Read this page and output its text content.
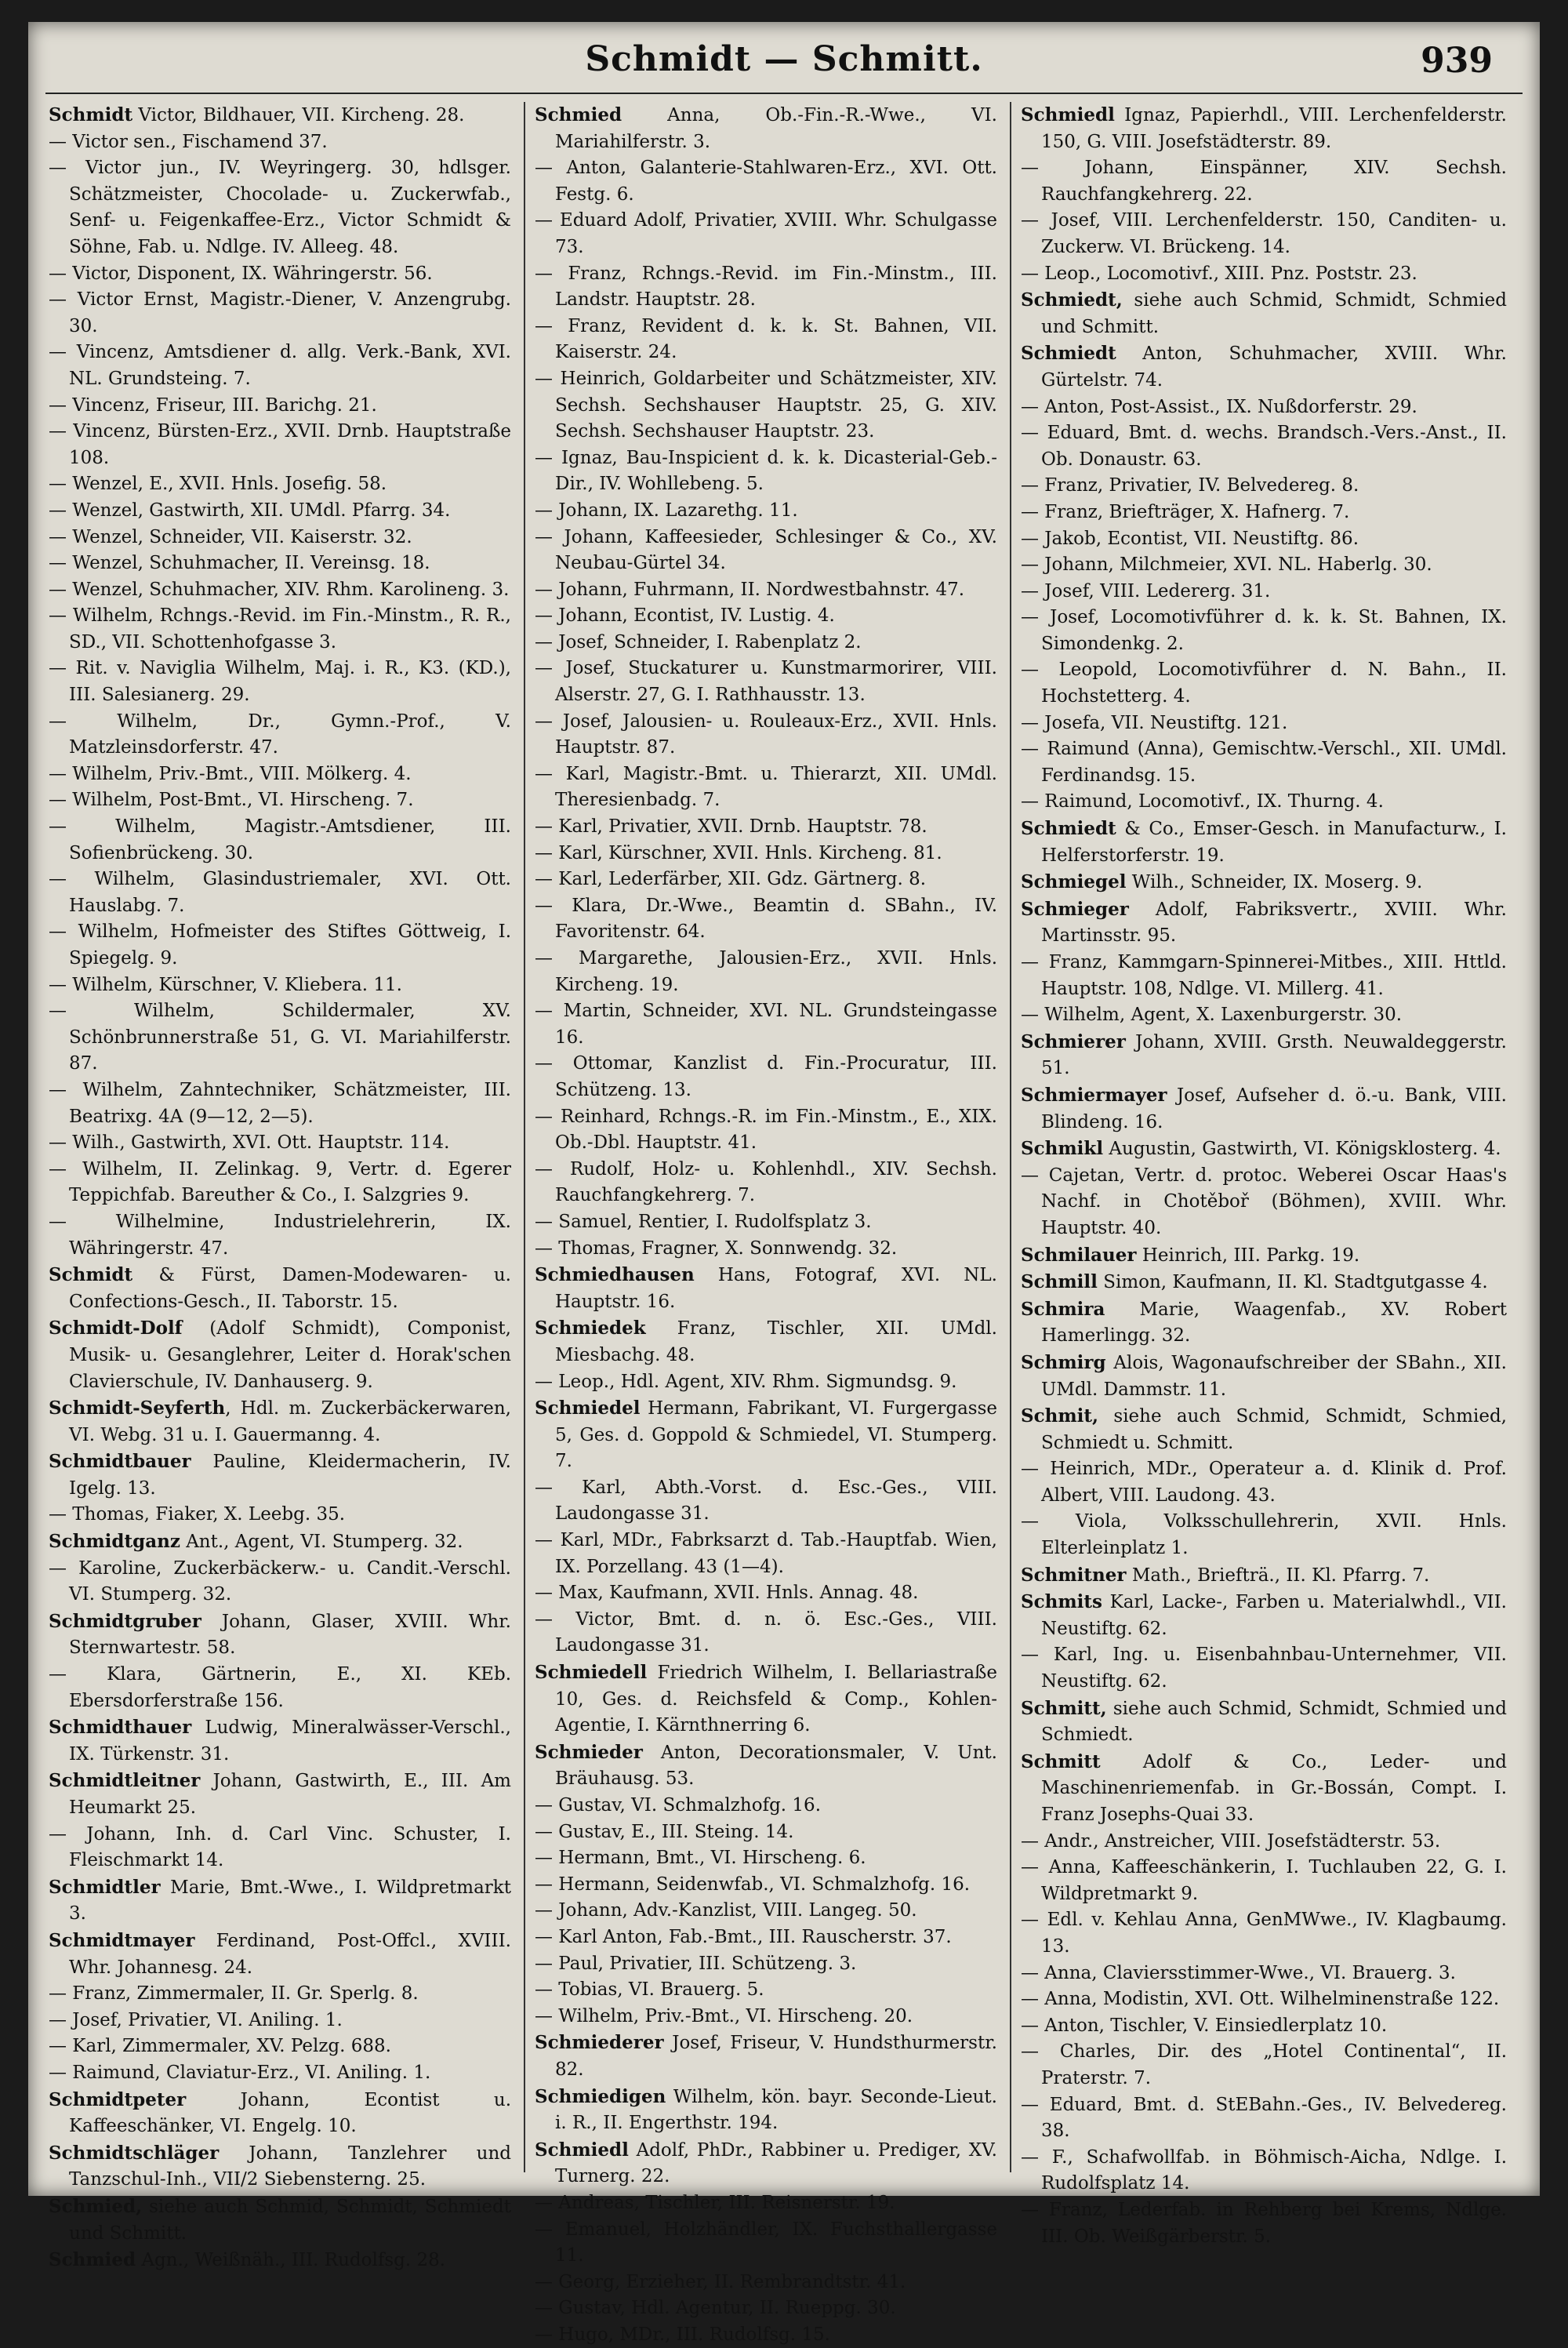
Schmidt — Schmitt.	939

Schmidt Victor, Bildhauer, VII. Kircheng. 28.

— Victor sen., Fischamend 37.

— Victor jun., IV. Weyringerg. 30, hdlsger. Schätzmeister, Chocolade- u. Zuckerwfab., Senf- u. Feigenkaffee-Erz., Victor Schmidt & Söhne, Fab. u. Ndlge. IV. Alleeg. 48.

— Victor, Disponent, IX. Währingerstr. 56.

— Victor Ernst, Magistr.-Diener, V. Anzengrubg. 30.

— Vincenz, Amtsdiener d. allg. Verk.-Bank, XVI. NL. Grundsteing. 7.

— Vincenz, Friseur, III. Barichg. 21.

— Vincenz, Bürsten-Erz., XVII. Drnb. Hauptstraße 108.

— Wenzel, E., XVII. Hnls. Josefig. 58.

— Wenzel, Gastwirth, XII. UMdl. Pfarrg. 34.

— Wenzel, Schneider, VII. Kaiserstr. 32.

— Wenzel, Schuhmacher, II. Vereinsg. 18.

— Wenzel, Schuhmacher, XIV. Rhm. Karolineng. 3.

— Wilhelm, Rchngs.-Revid. im Fin.-Minstm., R. R., SD., VII. Schottenhofgasse 3.

— Rit. v. Naviglia Wilhelm, Maj. i. R., K3. (KD.), III. Salesianerg. 29.

— Wilhelm, Dr., Gymn.-Prof., V. Matzleinsdorferstr. 47.

— Wilhelm, Priv.-Bmt., VIII. Mölkerg. 4.

— Wilhelm, Post-Bmt., VI. Hirscheng. 7.

— Wilhelm, Magistr.-Amtsdiener, III. Sofienbrückeng. 30.

— Wilhelm, Glasindustriemaler, XVI. Ott. Hauslabg. 7.

— Wilhelm, Hofmeister des Stiftes Göttweig, I. Spiegelg. 9.

— Wilhelm, Kürschner, V. Kliebera. 11.

— Wilhelm, Schildermaler, XV. Schönbrunnerstraße 51, G. VI. Mariahilferstr. 87.

— Wilhelm, Zahntechniker, Schätzmeister, III. Beatrixg. 4A (9—12, 2—5).

— Wilh., Gastwirth, XVI. Ott. Hauptstr. 114.

— Wilhelm, II. Zelinkag. 9, Vertr. d. Egerer Teppichfab. Bareuther & Co., I. Salzgries 9.

— Wilhelmine, Industrielehrerin, IX. Währingerstr. 47.

Schmidt & Fürst, Damen-Modewaren- u. Confections-Gesch., II. Taborstr. 15.

Schmidt-Dolf (Adolf Schmidt), Componist, Musik- u. Gesanglehrer, Leiter d. Horak'schen Clavierschule, IV. Danhauserg. 9.

Schmidt-Seyferth, Hdl. m. Zuckerbäckerwaren, VI. Webg. 31 u. I. Gauermanng. 4.

Schmidtbauer Pauline, Kleidermacherin, IV. Igelg. 13.

— Thomas, Fiaker, X. Leebg. 35.

Schmidtganz Ant., Agent, VI. Stumperg. 32.

— Karoline, Zuckerbäckerw.- u. Candit.-Verschl. VI. Stumperg. 32.

Schmidtgruber Johann, Glaser, XVIII. Whr. Sternwartestr. 58.

— Klara, Gärtnerin, E., XI. KEb. Ebersdorferstraße 156.

Schmidthauer Ludwig, Mineralwässer-Verschl., IX. Türkenstr. 31.

Schmidtleitner Johann, Gastwirth, E., III. Am Heumarkt 25.

— Johann, Inh. d. Carl Vinc. Schuster, I. Fleischmarkt 14.

Schmidtler Marie, Bmt.-Wwe., I. Wildpretmarkt 3.

Schmidtmayer Ferdinand, Post-Offcl., XVIII. Whr. Johannesg. 24.

— Franz, Zimmermaler, II. Gr. Sperlg. 8.

— Josef, Privatier, VI. Aniling. 1.

— Karl, Zimmermaler, XV. Pelzg. 688.

— Raimund, Claviatur-Erz., VI. Aniling. 1.

Schmidtpeter Johann, Econtist u. Kaffeeschänker, VI. Engelg. 10.

Schmidtschläger Johann, Tanzlehrer und Tanzschul-Inh., VII/2 Siebensterng. 25.

Schmied, siehe auch Schmid, Schmidt, Schmiedt und Schmitt.

Schmied Agn., Weißnäh., III. Rudolfsg. 28.

Schmied Anna, Ob.-Fin.-R.-Wwe., VI. Mariahilferstr. 3.

— Anton, Galanterie-Stahlwaren-Erz., XVI. Ott. Festg. 6.

— Eduard Adolf, Privatier, XVIII. Whr. Schulgasse 73.

— Franz, Rchngs.-Revid. im Fin.-Minstm., III. Landstr. Hauptstr. 28.

— Franz, Revident d. k. k. St. Bahnen, VII. Kaiserstr. 24.

— Heinrich, Goldarbeiter und Schätzmeister, XIV. Sechsh. Sechshauser Hauptstr. 25, G. XIV. Sechsh. Sechshauser Hauptstr. 23.

— Ignaz, Bau-Inspicient d. k. k. Dicasterial-Geb.-Dir., IV. Wohllebeng. 5.

— Johann, IX. Lazarethg. 11.

— Johann, Kaffeesieder, Schlesinger & Co., XV. Neubau-Gürtel 34.

— Johann, Fuhrmann, II. Nordwestbahnstr. 47.

— Johann, Econtist, IV. Lustig. 4.

— Josef, Schneider, I. Rabenplatz 2.

— Josef, Stuckaturer u. Kunstmarmorirer, VIII. Alserstr. 27, G. I. Rathhausstr. 13.

— Josef, Jalousien- u. Rouleaux-Erz., XVII. Hnls. Hauptstr. 87.

— Karl, Magistr.-Bmt. u. Thierarzt, XII. UMdl. Theresienbadg. 7.

— Karl, Privatier, XVII. Drnb. Hauptstr. 78.

— Karl, Kürschner, XVII. Hnls. Kircheng. 81.

— Karl, Lederfärber, XII. Gdz. Gärtnerg. 8.

— Klara, Dr.-Wwe., Beamtin d. SBahn., IV. Favoritenstr. 64.

— Margarethe, Jalousien-Erz., XVII. Hnls. Kircheng. 19.

— Martin, Schneider, XVI. NL. Grundsteingasse 16.

— Ottomar, Kanzlist d. Fin.-Procuratur, III. Schützeng. 13.

— Reinhard, Rchngs.-R. im Fin.-Minstm., E., XIX. Ob.-Dbl. Hauptstr. 41.

— Rudolf, Holz- u. Kohlenhdl., XIV. Sechsh. Rauchfangkehrerg. 7.

— Samuel, Rentier, I. Rudolfsplatz 3.

— Thomas, Fragner, X. Sonnwendg. 32.

Schmiedhausen Hans, Fotograf, XVI. NL. Hauptstr. 16.

Schmiedek Franz, Tischler, XII. UMdl. Miesbachg. 48.

— Leop., Hdl. Agent, XIV. Rhm. Sigmundsg. 9.

Schmiedel Hermann, Fabrikant, VI. Furgergasse 5, Ges. d. Goppold & Schmiedel, VI. Stumperg. 7.

— Karl, Abth.-Vorst. d. Esc.-Ges., VIII. Laudongasse 31.

— Karl, MDr., Fabrksarzt d. Tab.-Hauptfab. Wien, IX. Porzellang. 43 (1—4).

— Max, Kaufmann, XVII. Hnls. Annag. 48.

— Victor, Bmt. d. n. ö. Esc.-Ges., VIII. Laudongasse 31.

Schmiedell Friedrich Wilhelm, I. Bellariastraße 10, Ges. d. Reichsfeld & Comp., Kohlen-Agentie, I. Kärnthnerring 6.

Schmieder Anton, Decorationsmaler, V. Unt. Bräuhausg. 53.

— Gustav, VI. Schmalzhofg. 16.

— Gustav, E., III. Steing. 14.

— Hermann, Bmt., VI. Hirscheng. 6.

— Hermann, Seidenwfab., VI. Schmalzhofg. 16.

— Johann, Adv.-Kanzlist, VIII. Langeg. 50.

— Karl Anton, Fab.-Bmt., III. Rauscherstr. 37.

— Paul, Privatier, III. Schützeng. 3.

— Tobias, VI. Brauerg. 5.

— Wilhelm, Priv.-Bmt., VI. Hirscheng. 20.

Schmiederer Josef, Friseur, V. Hundsthurmerstr. 82.

Schmiedigen Wilhelm, kön. bayr. Seconde-Lieut. i. R., II. Engerthstr. 194.

Schmiedl Adolf, PhDr., Rabbiner u. Prediger, XV. Turnerg. 22.

— Andreas, Tischler, III. Reisnerstr. 19.

— Emanuel, Holzhändler, IX. Fuchsthallergasse 11.

— Georg, Erzieher, II. Rembrandtstr. 41.

— Gustav, Hdl. Agentur, II. Rueppg. 30.

— Hugo, MDr., III. Rudolfsg. 15.

Schmiedl Ignaz, Papierhdl., VIII. Lerchenfelderstr. 150, G. VIII. Josefstädterstr. 89.

— Johann, Einspänner, XIV. Sechsh. Rauchfangkehrerg. 22.

— Josef, VIII. Lerchenfelderstr. 150, Canditen- u. Zuckerw. VI. Brückeng. 14.

— Leop., Locomotivf., XIII. Pnz. Poststr. 23.

Schmiedt, siehe auch Schmid, Schmidt, Schmied und Schmitt.

Schmiedt Anton, Schuhmacher, XVIII. Whr. Gürtelstr. 74.

— Anton, Post-Assist., IX. Nußdorferstr. 29.

— Eduard, Bmt. d. wechs. Brandsch.-Vers.-Anst., II. Ob. Donaustr. 63.

— Franz, Privatier, IV. Belvedereg. 8.

— Franz, Briefträger, X. Hafnerg. 7.

— Jakob, Econtist, VII. Neustiftg. 86.

— Johann, Milchmeier, XVI. NL. Haberlg. 30.

— Josef, VIII. Ledererg. 31.

— Josef, Locomotivführer d. k. k. St. Bahnen, IX. Simondenkg. 2.

— Leopold, Locomotivführer d. N. Bahn., II. Hochstetterg. 4.

— Josefa, VII. Neustiftg. 121.

— Raimund (Anna), Gemischtw.-Verschl., XII. UMdl. Ferdinandsg. 15.

— Raimund, Locomotivf., IX. Thurng. 4.

Schmiedt & Co., Emser-Gesch. in Manufacturw., I. Helferstorferstr. 19.

Schmiegel Wilh., Schneider, IX. Moserg. 9.

Schmieger Adolf, Fabriksvertr., XVIII. Whr. Martinsstr. 95.

— Franz, Kammgarn-Spinnerei-Mitbes., XIII. Httld. Hauptstr. 108, Ndlge. VI. Millerg. 41.

— Wilhelm, Agent, X. Laxenburgerstr. 30.

Schmierer Johann, XVIII. Grsth. Neuwaldeggerstr. 51.

Schmiermayer Josef, Aufseher d. ö.-u. Bank, VIII. Blindeng. 16.

Schmikl Augustin, Gastwirth, VI. Königsklosterg. 4.

— Cajetan, Vertr. d. protoc. Weberei Oscar Haas's Nachf. in Chotěboř (Böhmen), XVIII. Whr. Hauptstr. 40.

Schmilauer Heinrich, III. Parkg. 19.

Schmill Simon, Kaufmann, II. Kl. Stadtgutgasse 4.

Schmira Marie, Waagenfab., XV. Robert Hamerlingg. 32.

Schmirg Alois, Wagonaufschreiber der SBahn., XII. UMdl. Dammstr. 11.

Schmit, siehe auch Schmid, Schmidt, Schmied, Schmiedt u. Schmitt.

— Heinrich, MDr., Operateur a. d. Klinik d. Prof. Albert, VIII. Laudong. 43.

— Viola, Volksschullehrerin, XVII. Hnls. Elterleinplatz 1.

Schmitner Math., Briefträ., II. Kl. Pfarrg. 7.

Schmits Karl, Lacke-, Farben u. Materialwhdl., VII. Neustiftg. 62.

— Karl, Ing. u. Eisenbahnbau-Unternehmer, VII. Neustiftg. 62.

Schmitt, siehe auch Schmid, Schmidt, Schmied und Schmiedt.

Schmitt Adolf & Co., Leder- und Maschinenriemenfab. in Gr.-Bossán, Compt. I. Franz Josephs-Quai 33.

— Andr., Anstreicher, VIII. Josefstädterstr. 53.

— Anna, Kaffeeschänkerin, I. Tuchlauben 22, G. I. Wildpretmarkt 9.

— Edl. v. Kehlau Anna, GenMWwe., IV. Klagbaumg. 13.

— Anna, Claviersstimmer-Wwe., VI. Brauerg. 3.

— Anna, Modistin, XVI. Ott. Wilhelminenstraße 122.

— Anton, Tischler, V. Einsiedlerplatz 10.

— Charles, Dir. des „Hotel Continental“, II. Praterstr. 7.

— Eduard, Bmt. d. StEBahn.-Ges., IV. Belvedereg. 38.

— F., Schafwollfab. in Böhmisch-Aicha, Ndlge. I. Rudolfsplatz 14.

— Franz, Lederfab. in Rehberg bei Krems, Ndlge. III. Ob. Weißgärberstr. 5.
